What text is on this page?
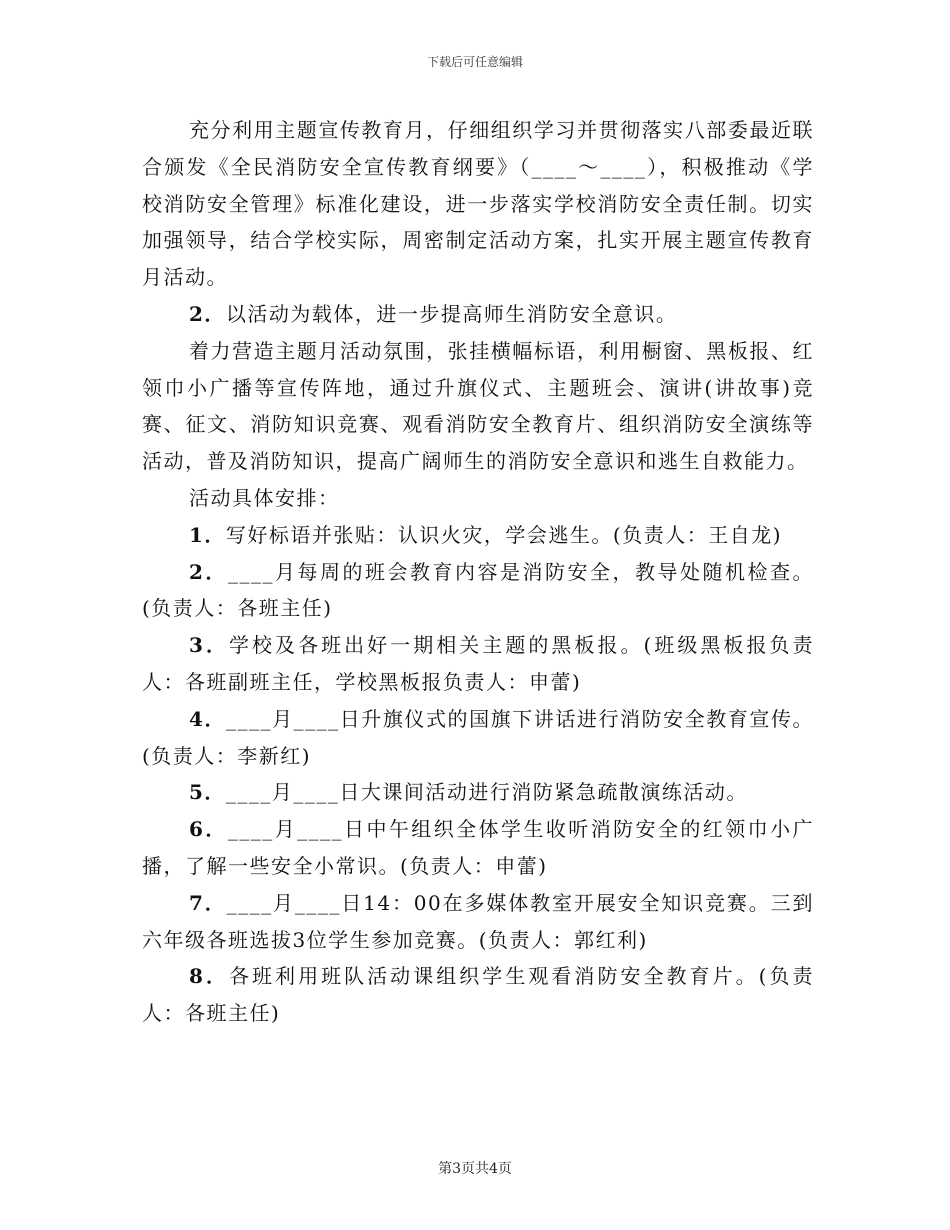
下载后可任意编辑

充分利用主题宣传教育月，仔细组织学习并贯彻落实八部委最近联合颁发《全民消防安全宣传教育纲要》（____～____），积极推动《学校消防安全管理》标准化建设，进一步落实学校消防安全责任制。切实加强领导，结合学校实际，周密制定活动方案，扎实开展主题宣传教育月活动。

2．以活动为载体，进一步提高师生消防安全意识。

着力营造主题月活动氛围，张挂横幅标语，利用橱窗、黑板报、红领巾小广播等宣传阵地，通过升旗仪式、主题班会、演讲(讲故事)竞赛、征文、消防知识竞赛、观看消防安全教育片、组织消防安全演练等活动，普及消防知识，提高广阔师生的消防安全意识和逃生自救能力。

活动具体安排：

1．写好标语并张贴：认识火灾，学会逃生。(负责人：王自龙)

2．____月每周的班会教育内容是消防安全，教导处随机检查。(负责人：各班主任)

3．学校及各班出好一期相关主题的黑板报。(班级黑板报负责人：各班副班主任，学校黑板报负责人：申蕾)

4．____月____日升旗仪式的国旗下讲话进行消防安全教育宣传。(负责人：李新红)

5．____月____日大课间活动进行消防紧急疏散演练活动。

6．____月____日中午组织全体学生收听消防安全的红领巾小广播，了解一些安全小常识。(负责人：申蕾)

7．____月____日14：00在多媒体教室开展安全知识竞赛。三到六年级各班选拔3位学生参加竞赛。(负责人：郭红利)

8．各班利用班队活动课组织学生观看消防安全教育片。(负责人：各班主任)

第3页共4页
